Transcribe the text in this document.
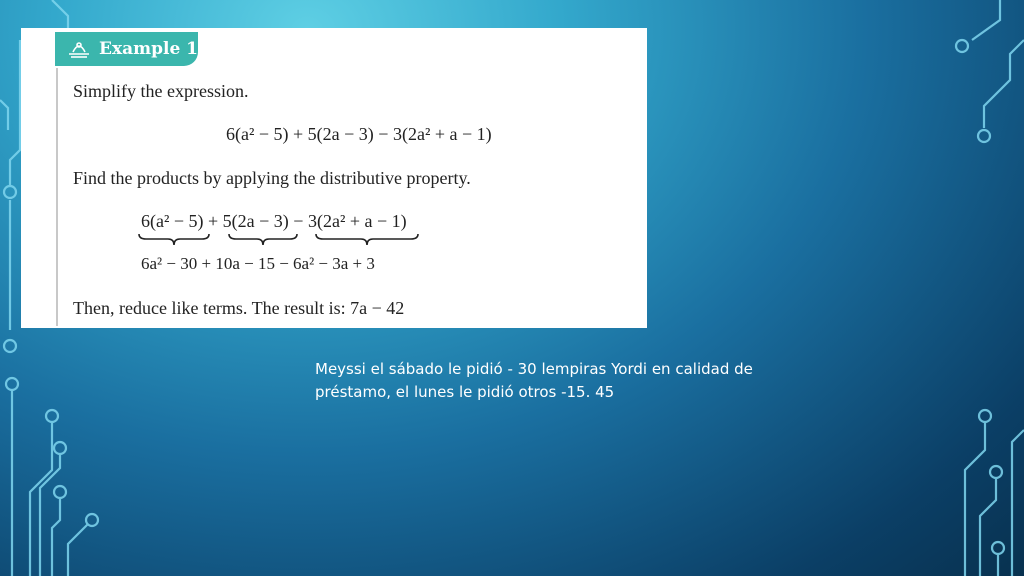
Example 1
Simplify the expression.
6(a² − 5) + 5(2a − 3) − 3(2a² + a − 1)
Find the products by applying the distributive property.
6(a² − 5) + 5(2a − 3) − 3(2a² + a − 1)
6a² − 30 + 10a − 15 − 6a² − 3a + 3
Then, reduce like terms. The result is: 7a − 42
Meyssi el sábado le pidió - 30 lempiras Yordi en calidad de préstamo, el lunes le pidió otros -15. 45
